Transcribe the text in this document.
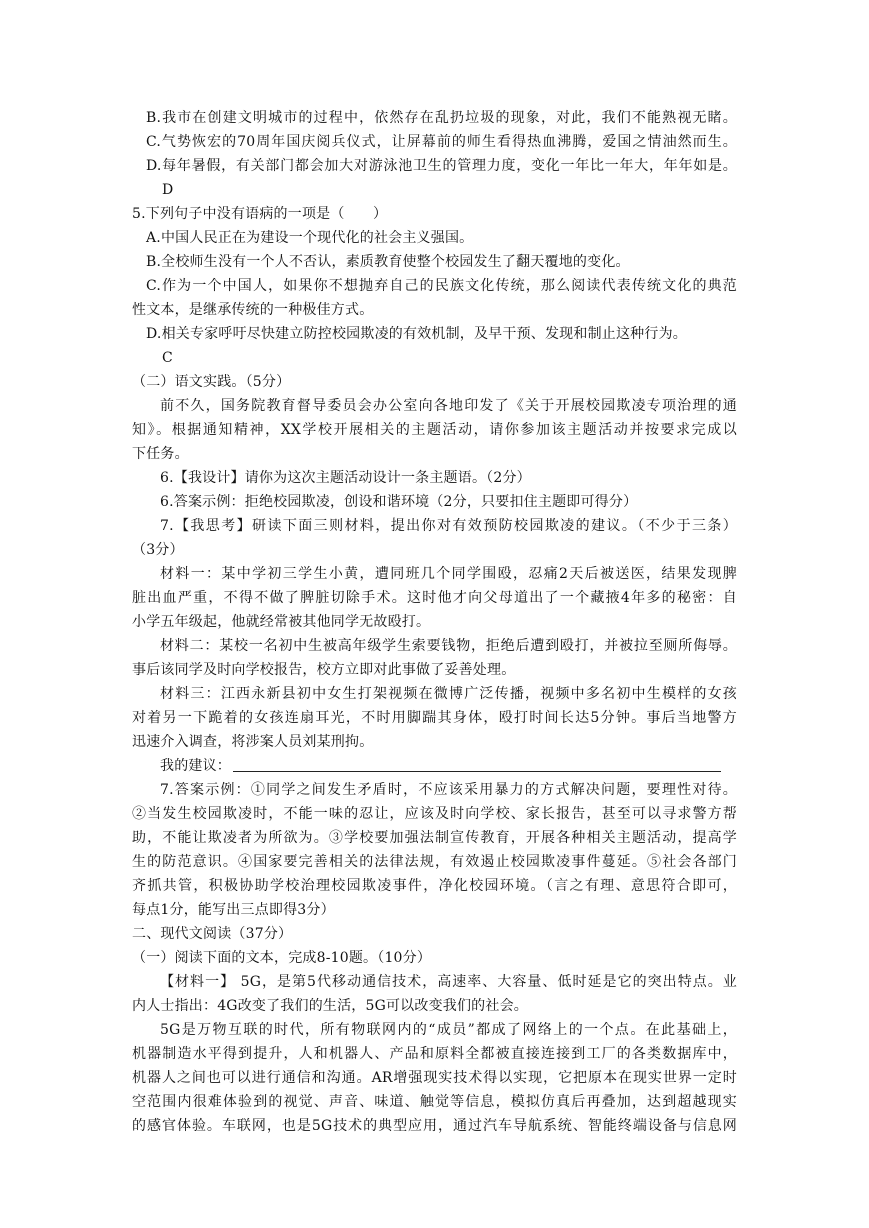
B.我市在创建文明城市的过程中，依然存在乱扔垃圾的现象，对此，我们不能熟视无睹。
C.气势恢宏的70周年国庆阅兵仪式，让屏幕前的师生看得热血沸腾，爱国之情油然而生。
D.每年暑假，有关部门都会加大对游泳池卫生的管理力度，变化一年比一年大，年年如是。
D
5.下列句子中没有语病的一项是（　　）
A.中国人民正在为建设一个现代化的社会主义强国。
B.全校师生没有一个人不否认，素质教育使整个校园发生了翻天覆地的变化。
C.作为一个中国人，如果你不想抛弃自己的民族文化传统，那么阅读代表传统文化的典范
性文本，是继承传统的一种极佳方式。
D.相关专家呼吁尽快建立防控校园欺凌的有效机制，及早干预、发现和制止这种行为。
C
（二）语文实践。（5分）
前不久，国务院教育督导委员会办公室向各地印发了《关于开展校园欺凌专项治理的通
知》。根据通知精神，XX学校开展相关的主题活动，请你参加该主题活动并按要求完成以
下任务。
6.【我设计】请你为这次主题活动设计一条主题语。（2分）
6.答案示例：拒绝校园欺凌，创设和谐环境（2分，只要扣住主题即可得分）
7.【我思考】研读下面三则材料，提出你对有效预防校园欺凌的建议。（不少于三条）
（3分）
材料一：某中学初三学生小黄，遭同班几个同学围殴，忍痛2天后被送医，结果发现脾
脏出血严重，不得不做了脾脏切除手术。这时他才向父母道出了一个藏掖4年多的秘密：自
小学五年级起，他就经常被其他同学无故殴打。
材料二：某校一名初中生被高年级学生索要钱物，拒绝后遭到殴打，并被拉至厕所侮辱。
事后该同学及时向学校报告，校方立即对此事做了妥善处理。
材料三：江西永新县初中女生打架视频在微博广泛传播，视频中多名初中生模样的女孩
对着另一下跪着的女孩连扇耳光，不时用脚踹其身体，殴打时间长达5分钟。事后当地警方
迅速介入调查，将涉案人员刘某刑拘。
我的建议：
7.答案示例：①同学之间发生矛盾时，不应该采用暴力的方式解决问题，要理性对待。
②当发生校园欺凌时，不能一味的忍让，应该及时向学校、家长报告，甚至可以寻求警方帮
助，不能让欺凌者为所欲为。③学校要加强法制宣传教育，开展各种相关主题活动，提高学
生的防范意识。④国家要完善相关的法律法规，有效遏止校园欺凌事件蔓延。⑤社会各部门
齐抓共管，积极协助学校治理校园欺凌事件，净化校园环境。（言之有理、意思符合即可，
每点1分，能写出三点即得3分）
二、现代文阅读（37分）
（一）阅读下面的文本，完成8-10题。（10分）
【材料一】 5G，是第5代移动通信技术，高速率、大容量、低时延是它的突出特点。业
内人士指出：4G改变了我们的生活，5G可以改变我们的社会。
5G是万物互联的时代，所有物联网内的“成员”都成了网络上的一个点。在此基础上，
机器制造水平得到提升，人和机器人、产品和原料全都被直接连接到工厂的各类数据库中，
机器人之间也可以进行通信和沟通。AR增强现实技术得以实现，它把原本在现实世界一定时
空范围内很难体验到的视觉、声音、味道、触觉等信息，模拟仿真后再叠加，达到超越现实
的感官体验。车联网，也是5G技术的典型应用，通过汽车导航系统、智能终端设备与信息网
